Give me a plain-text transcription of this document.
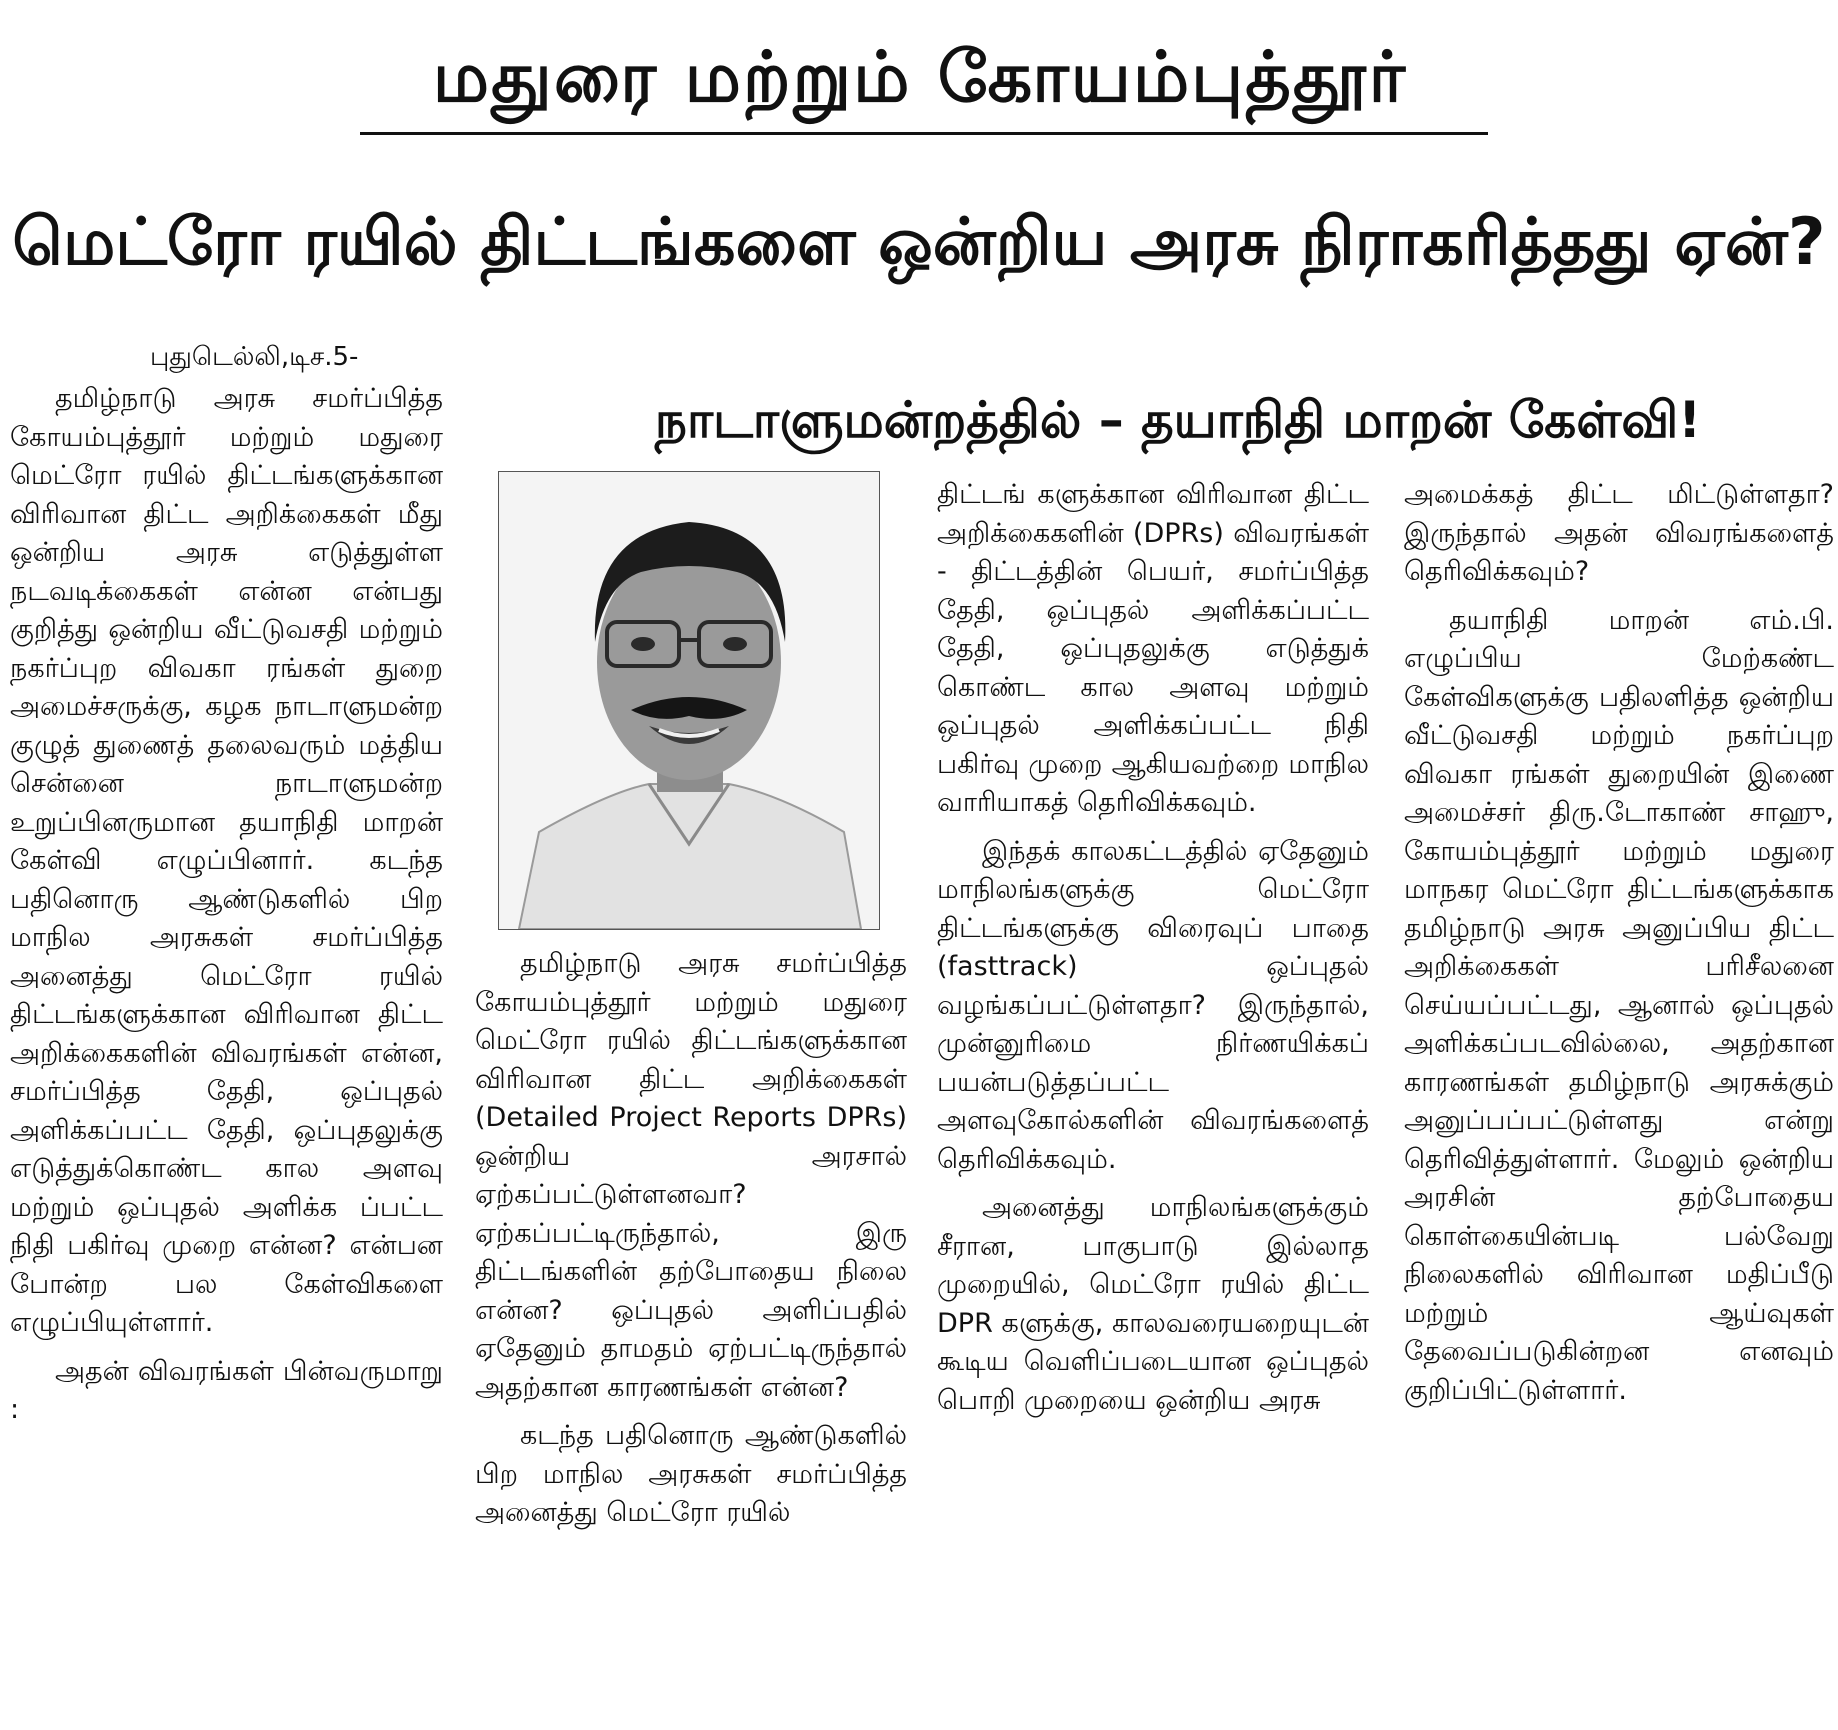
மதுரை மற்றும் கோயம்புத்தூர்
மெட்ரோ ரயில் திட்டங்களை ஒன்றிய அரசு நிராகரித்தது ஏன்?
புதுடெல்லி,டிச.5-
நாடாளுமன்றத்தில் – தயாநிதி மாறன் கேள்வி!

தமிழ்நாடு அரசு சமர்ப்பித்த கோயம்புத்தூர் மற்றும் மதுரை மெட்ரோ ரயில் திட்டங்களுக்கான விரிவான திட்ட அறிக்கைகள் மீது ஒன்றிய அரசு எடுத்துள்ள நடவடிக்கைகள் என்ன என்பது குறித்து ஒன்றிய வீட்டுவசதி மற்றும் நகர்ப்புற விவகா ரங்கள் துறை அமைச்சருக்கு, கழக நாடாளுமன்ற குழுத் துணைத் தலைவரும் மத்திய சென்னை நாடாளுமன்ற உறுப்பினருமான தயாநிதி மாறன் கேள்வி எழுப்பினார். கடந்த பதினொரு ஆண்டுகளில் பிற மாநில அரசுகள் சமர்ப்பித்த அனைத்து மெட்ரோ ரயில் திட்டங்களுக்கான விரிவான திட்ட அறிக்கைகளின் விவரங்கள் என்ன, சமர்ப்பித்த தேதி, ஒப்புதல் அளிக்கப்பட்ட தேதி, ஒப்புதலுக்கு எடுத்துக்கொண்ட கால அளவு மற்றும் ஒப்புதல் அளிக்க ப்பட்ட நிதி பகிர்வு முறை என்ன? என்பன போன்ற பல கேள்விகளை எழுப்பியுள்ளார்.

அதன் விவரங்கள் பின்வருமாறு :

தமிழ்நாடு அரசு சமர்ப்பித்த கோயம்புத்தூர் மற்றும் மதுரை மெட்ரோ ரயில் திட்டங்களுக்கான விரிவான திட்ட அறிக்கைகள் (Detailed Project Reports DPRs) ஒன்றிய அரசால் ஏற்கப்பட்டுள்ளனவா? ஏற்கப்பட்டிருந்தால், இரு திட்டங்களின் தற்போதைய நிலை என்ன? ஒப்புதல் அளிப்பதில் ஏதேனும் தாமதம் ஏற்பட்டிருந்தால் அதற்கான காரணங்கள் என்ன?

கடந்த பதினொரு ஆண்டுகளில் பிற மாநில அரசுகள் சமர்ப்பித்த அனைத்து மெட்ரோ ரயில்

திட்டங் களுக்கான விரிவான திட்ட அறிக்கைகளின் (DPRs) விவரங்கள் - திட்டத்தின் பெயர், சமர்ப்பித்த தேதி, ஒப்புதல் அளிக்கப்பட்ட தேதி, ஒப்புதலுக்கு எடுத்துக் கொண்ட கால அளவு மற்றும் ஒப்புதல் அளிக்கப்பட்ட நிதி பகிர்வு முறை ஆகியவற்றை மாநில வாரியாகத் தெரிவிக்கவும்.

இந்தக் காலகட்டத்தில் ஏதேனும் மாநிலங்களுக்கு மெட்ரோ திட்டங்களுக்கு விரைவுப் பாதை (fasttrack) ஒப்புதல் வழங்கப்பட்டுள்ளதா? இருந்தால், முன்னுரிமை நிர்ணயிக்கப் பயன்படுத்தப்பட்ட அளவுகோல்களின் விவரங்களைத் தெரிவிக்கவும்.

அனைத்து மாநிலங்களுக்கும் சீரான, பாகுபாடு இல்லாத முறையில், மெட்ரோ ரயில் திட்ட DPR களுக்கு, காலவரையறையுடன் கூடிய வெளிப்படையான ஒப்புதல் பொறி முறையை ஒன்றிய அரசு

அமைக்கத் திட்ட மிட்டுள்ளதா? இருந்தால் அதன் விவரங்களைத் தெரிவிக்கவும்?

தயாநிதி மாறன் எம்.பி. எழுப்பிய மேற்கண்ட கேள்விகளுக்கு பதிலளித்த ஒன்றிய வீட்டுவசதி மற்றும் நகர்ப்புற விவகா ரங்கள் துறையின் இணை அமைச்சர் திரு.டோகாண் சாஹு, கோயம்புத்தூர் மற்றும் மதுரை மாநகர மெட்ரோ திட்டங்களுக்காக தமிழ்நாடு அரசு அனுப்பிய திட்ட அறிக்கைகள் பரிசீலனை செய்யப்பட்டது, ஆனால் ஒப்புதல் அளிக்கப்படவில்லை, அதற்கான காரணங்கள் தமிழ்நாடு அரசுக்கும் அனுப்பப்பட்டுள்ளது என்று தெரிவித்துள்ளார். மேலும் ஒன்றிய அரசின் தற்போதைய கொள்கையின்படி பல்வேறு நிலைகளில் விரிவான மதிப்பீடு மற்றும் ஆய்வுகள் தேவைப்படுகின்றன எனவும் குறிப்பிட்டுள்ளார்.
